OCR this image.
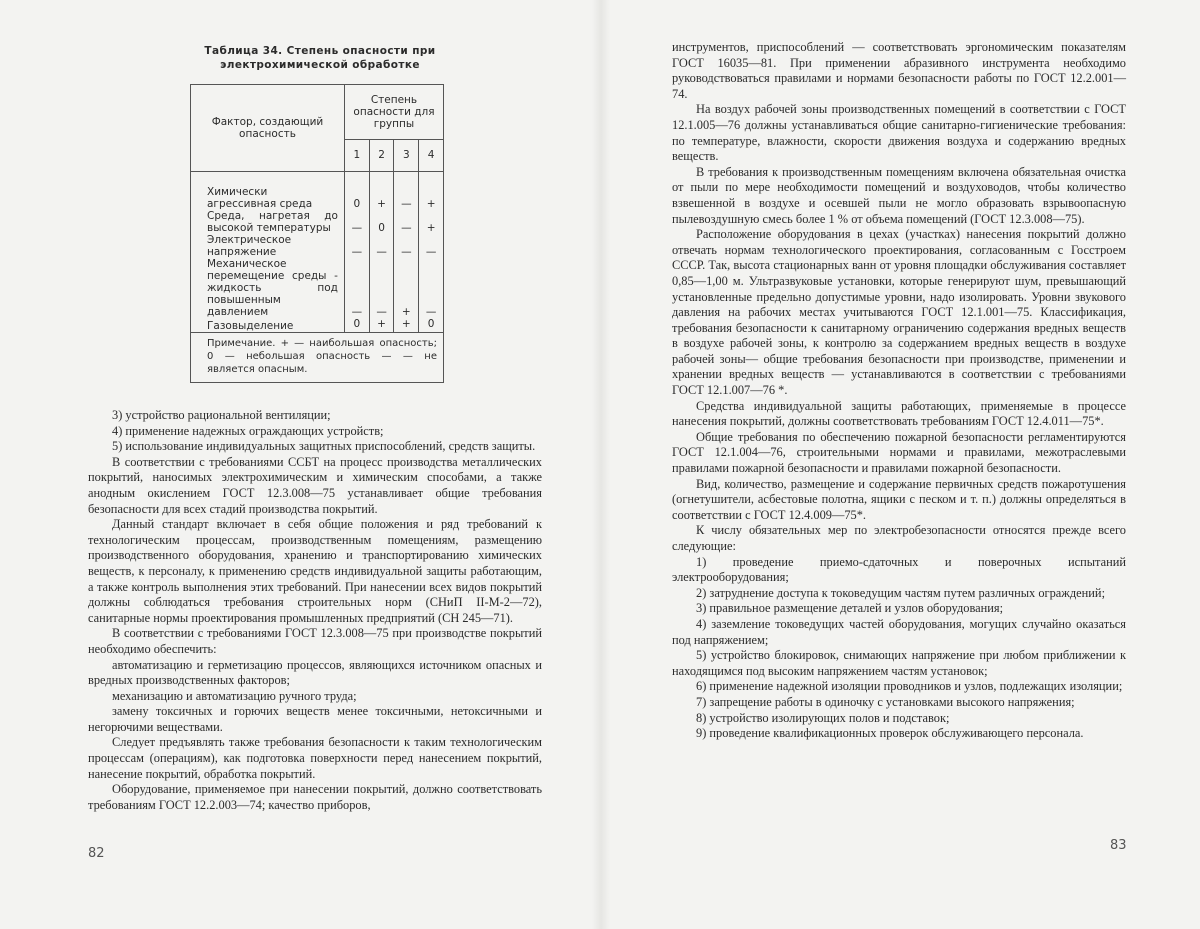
Таблица 34. Степень опасности при электрохимической обработке
Фактор, создающий опасность	Степень опасности для группы			
	1	2	3	4

Химически агрессивная среда	0	+	—	+
Среда, нагретая до высокой температуры	—	0	—	+
Электрическое напряжение	—	—	—	—
Механическое перемещение среды - жидкость под повышенным давлением	—	—	+	—
Газовыделение	0	+	+	0
Примечание. + — наибольшая опасность; 0 — небольшая опасность — — не является опасным.				

3) устройство рациональной вентиляции;

4) применение надежных ограждающих устройств;

5) использование индивидуальных защитных приспособлений, средств защиты.

В соответствии с требованиями ССБТ на процесс производства металлических покрытий, наносимых электрохимическим и химическим способами, а также анодным окислением ГОСТ 12.3.008—75 устанавливает общие требования безопасности для всех стадий производства покрытий.

Данный стандарт включает в себя общие положения и ряд требований к технологическим процессам, производственным помещениям, размещению производственного оборудования, хранению и транспортированию химических веществ, к персоналу, к применению средств индивидуальной защиты работающим, а также контроль выполнения этих требований. При нанесении всех видов покрытий должны соблюдаться требования строительных норм (СНиП II-М-2—72), санитарные нормы проектирования промышленных предприятий (СН 245—71).

В соответствии с требованиями ГОСТ 12.3.008—75 при производстве покрытий необходимо обеспечить:

автоматизацию и герметизацию процессов, являющихся источником опасных и вредных производственных факторов;

механизацию и автоматизацию ручного труда;

замену токсичных и горючих веществ менее токсичными, нетоксичными и негорючими веществами.

Следует предъявлять также требования безопасности к таким технологическим процессам (операциям), как подготовка поверхности перед нанесением покрытий, нанесение покрытий, обработка покрытий.

Оборудование, применяемое при нанесении покрытий, должно соответствовать требованиям ГОСТ 12.2.003—74; качество приборов,

82

инструментов, приспособлений — соответствовать эргономическим показателям ГОСТ 16035—81. При применении абразивного инструмента необходимо руководствоваться правилами и нормами безопасности работы по ГОСТ 12.2.001—74.

На воздух рабочей зоны производственных помещений в соответствии с ГОСТ 12.1.005—76 должны устанавливаться общие санитарно-гигиенические требования: по температуре, влажности, скорости движения воздуха и содержанию вредных веществ.

В требования к производственным помещениям включена обязательная очистка от пыли по мере необходимости помещений и воздуховодов, чтобы количество взвешенной в воздухе и осевшей пыли не могло образовать взрывоопасную пылевоздушную смесь более 1 % от объема помещений (ГОСТ 12.3.008—75).

Расположение оборудования в цехах (участках) нанесения покрытий должно отвечать нормам технологического проектирования, согласованным с Госстроем СССР. Так, высота стационарных ванн от уровня площадки обслуживания составляет 0,85—1,00 м. Ультразвуковые установки, которые генерируют шум, превышающий установленные предельно допустимые уровни, надо изолировать. Уровни звукового давления на рабочих местах учитываются ГОСТ 12.1.001—75. Классификация, требования безопасности к санитарному ограничению содержания вредных веществ в воздухе рабочей зоны, к контролю за содержанием вредных веществ в воздухе рабочей зоны— общие требования безопасности при производстве, применении и хранении вредных веществ — устанавливаются в соответствии с требованиями ГОСТ 12.1.007—76 *.

Средства индивидуальной защиты работающих, применяемые в процессе нанесения покрытий, должны соответствовать требованиям ГОСТ 12.4.011—75*.

Общие требования по обеспечению пожарной безопасности регламентируются ГОСТ 12.1.004—76, строительными нормами и правилами, межотраслевыми правилами пожарной безопасности и правилами пожарной безопасности.

Вид, количество, размещение и содержание первичных средств пожаротушения (огнетушители, асбестовые полотна, ящики с песком и т. п.) должны определяться в соответствии с ГОСТ 12.4.009—75*.

К числу обязательных мер по электробезопасности относятся прежде всего следующие:

1) проведение приемо-сдаточных и поверочных испытаний электрооборудования;

2) затруднение доступа к токоведущим частям путем различных ограждений;

3) правильное размещение деталей и узлов оборудования;

4) заземление токоведущих частей оборудования, могущих случайно оказаться под напряжением;

5) устройство блокировок, снимающих напряжение при любом приближении к находящимся под высоким напряжением частям установок;

6) применение надежной изоляции проводников и узлов, подлежащих изоляции;

7) запрещение работы в одиночку с установками высокого напряжения;

8) устройство изолирующих полов и подставок;

9) проведение квалификационных проверок обслуживающего персонала.

83
